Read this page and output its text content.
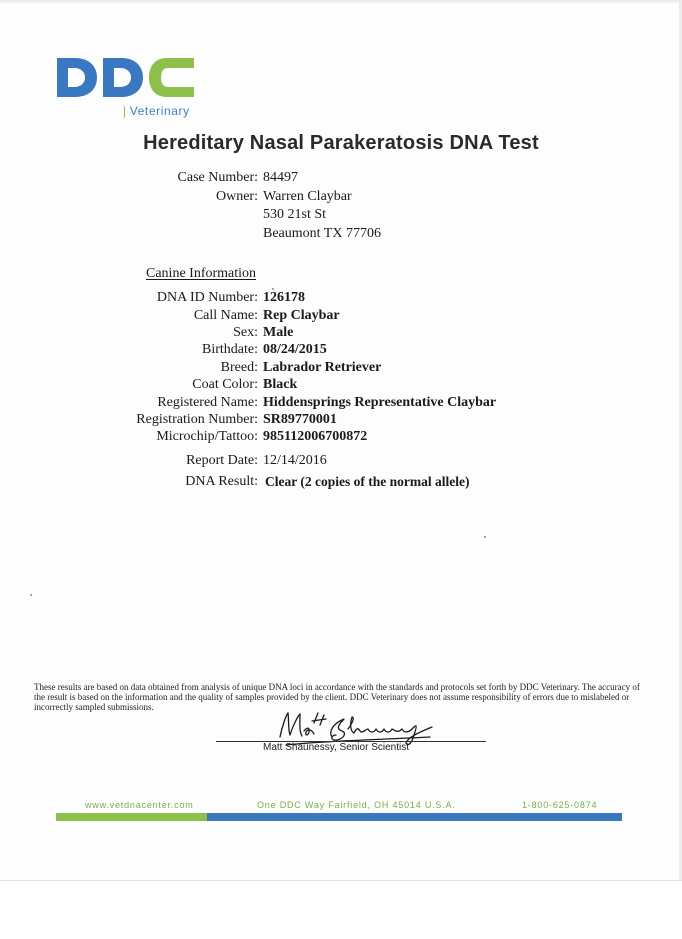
| Veterinary
Hereditary Nasal Parakeratosis DNA Test
Case Number: 84497
Owner: Warren Claybar
530 21st St
Beaumont TX 77706
Canine Information
DNA ID Number: 126178
Call Name: Rep Claybar
Sex: Male
Birthdate: 08/24/2015
Breed: Labrador Retriever
Coat Color: Black
Registered Name: Hiddensprings Representative Claybar
Registration Number: SR89770001
Microchip/Tattoo: 985112006700872
Report Date: 12/14/2016
DNA Result: Clear (2 copies of the normal allele)
These results are based on data obtained from analysis of unique DNA loci in accordance with the standards and protocols set forth by DDC Veterinary. The accuracy of the result is based on the information and the quality of samples provided by the client. DDC Veterinary does not assume responsibility of errors due to mislabeled or incorrectly sampled submissions.
Matt Shaunessy, Senior Scientist
www.vetdnacenter.com	One DDC Way Fairfield, OH 45014 U.S.A.	1-800-625-0874
